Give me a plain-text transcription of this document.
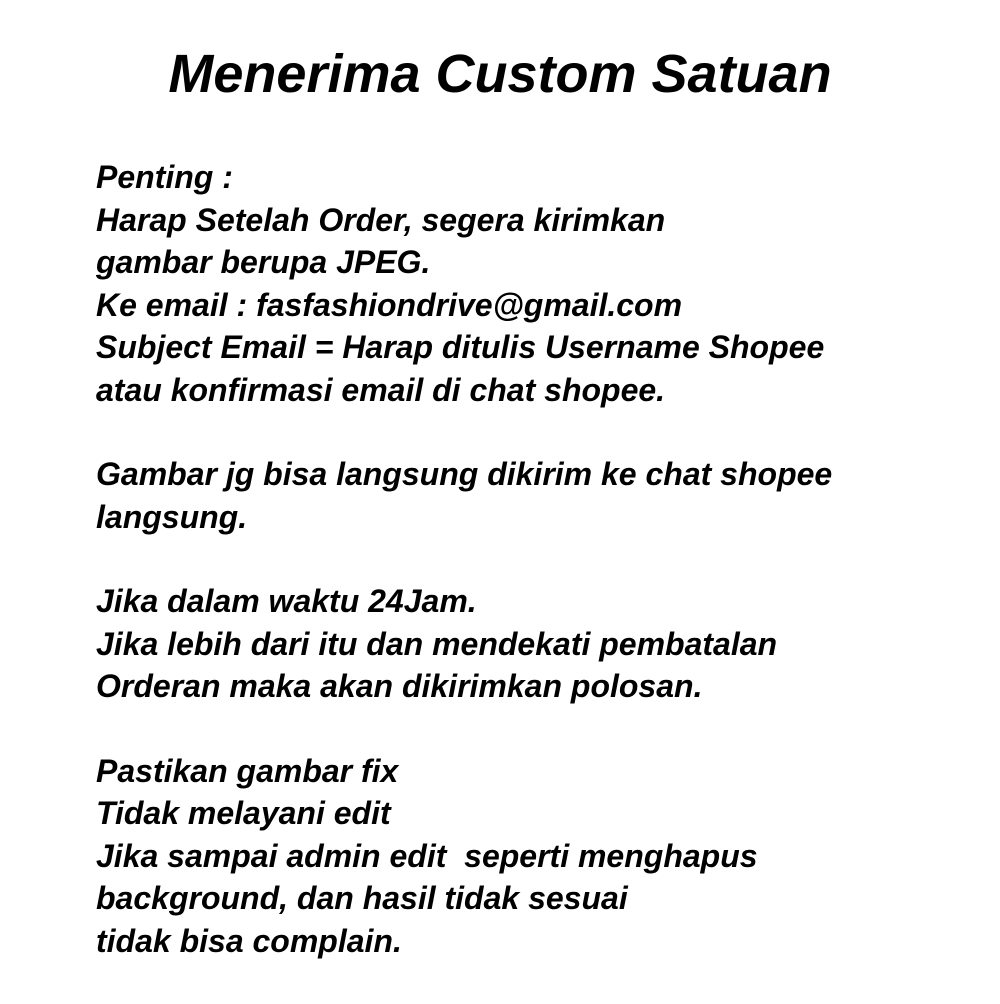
Menerima Custom Satuan
Penting :
Harap Setelah Order, segera kirimkan
gambar berupa JPEG.
Ke email : fasfashiondrive@gmail.com
Subject Email = Harap ditulis Username Shopee
atau konfirmasi email di chat shopee.
Gambar jg bisa langsung dikirim ke chat shopee
langsung.
Jika dalam waktu 24Jam.
Jika lebih dari itu dan mendekati pembatalan
Orderan maka akan dikirimkan polosan.
Pastikan gambar fix
Tidak melayani edit
Jika sampai admin edit  seperti menghapus
background, dan hasil tidak sesuai
tidak bisa complain.
